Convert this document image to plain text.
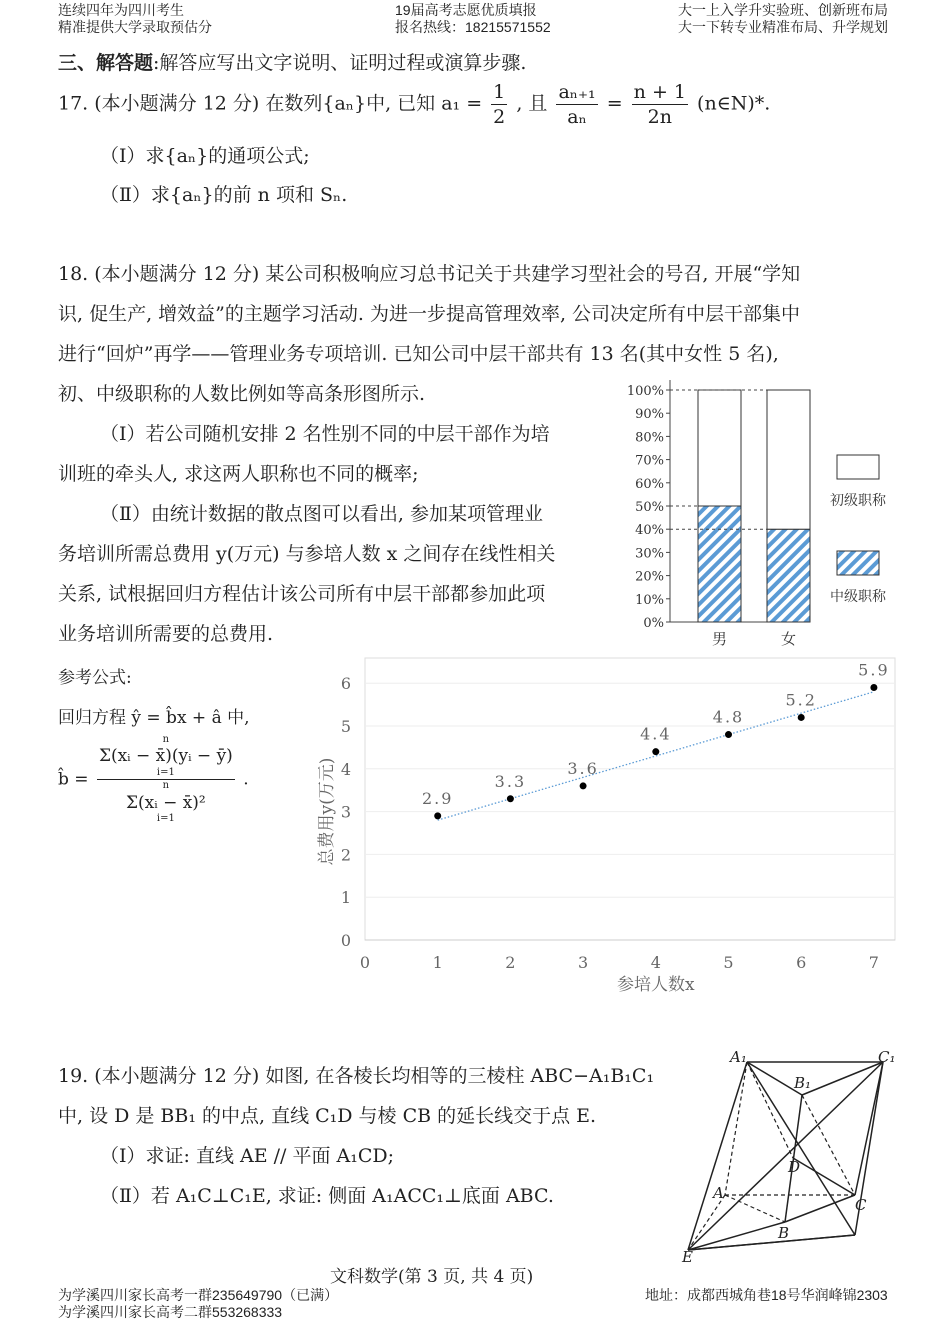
连续四年为四川考生
精准提供大学录取预估分
19届高考志愿优质填报
报名热线：18215571552
大一上入学升实验班、创新班布局
大一下转专业精准布局、升学规划
三、解答题:解答应写出文字说明、证明过程或演算步骤.
17. (本小题满分 12 分) 在数列{aₙ}中, 已知 $a_1 = \frac{1}{2}$ , 且 $\frac{\text{aₙ₊₁}}{\text{aₙ}} = \frac{n + 1}{2n}$ (n∈N)*.
（Ⅰ）求{aₙ}的通项公式;
（Ⅱ）求{aₙ}的前 n 项和 Sₙ.
18. (本小题满分 12 分) 某公司积极响应习总书记关于共建学习型社会的号召, 开展“学知
识, 促生产, 增效益”的主题学习活动. 为进一步提高管理效率, 公司决定所有中层干部集中
进行“回炉”再学——管理业务专项培训. 已知公司中层干部共有 13 名(其中女性 5 名),
初、中级职称的人数比例如等高条形图所示.
（Ⅰ）若公司随机安排 2 名性别不同的中层干部作为培
训班的牵头人, 求这两人职称也不同的概率;
（Ⅱ）由统计数据的散点图可以看出, 参加某项管理业
务培训所需总费用 y(万元) 与参培人数 x 之间存在线性相关
关系, 试根据回归方程估计该公司所有中层干部都参加此项
业务培训所需要的总费用.
参考公式:
回归方程 ŷ = b̂x + â 中,
b̂ = n
Σ(xᵢ − x̄)(yᵢ − ȳ)
i=1
n
Σ(xᵢ − x̄)²
i=1 .
0%
10%
20%
30%
40%
50%
60%
70%
80%
90%
100%
男	女
初级职称
中级职称
0
1
2
3
4
5
6
0	1	2	3	4	5	6	7
2.9
3.3
3.6
4.4
4.8
5.2
5.9
参培人数x
总费用y(万元)
19. (本小题满分 12 分) 如图, 在各棱长均相等的三棱柱 ABC−A₁B₁C₁
中, 设 D 是 BB₁ 的中点, 直线 C₁D 与棱 CB 的延长线交于点 E.
（Ⅰ）求证: 直线 AE // 平面 A₁CD;
（Ⅱ）若 A₁C⊥C₁E, 求证: 侧面 A₁ACC₁⊥底面 ABC.
A₁	C₁
B₁
D
A
C
B
E
文科数学(第 3 页, 共 4 页)
为学溪四川家长高考一群235649790（已满）
为学溪四川家长高考二群553268333
地址：成都西城角巷18号华润峰锦2303
